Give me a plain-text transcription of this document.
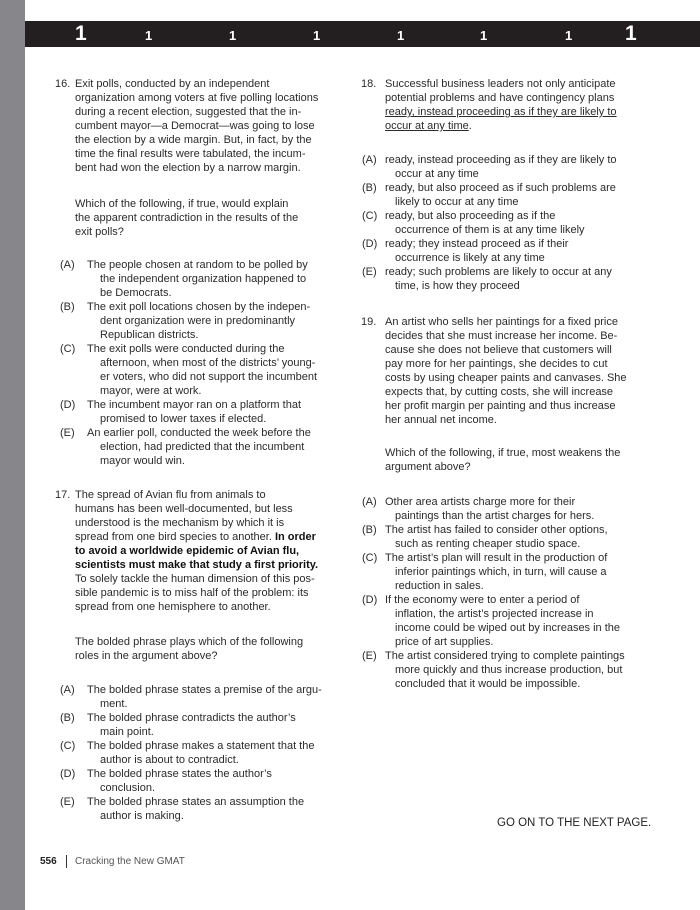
1	1	1	1	1	1	1	1
16. Exit polls, conducted by an independent
organization among voters at five polling locations
during a recent election, suggested that the in-
cumbent mayor—a Democrat—was going to lose
the election by a wide margin. But, in fact, by the
time the final results were tabulated, the incum-
bent had won the election by a narrow margin.
Which of the following, if true, would explain
the apparent contradiction in the results of the
exit polls?
(A) The people chosen at random to be polled by
the independent organization happened to
be Democrats.
(B) The exit poll locations chosen by the indepen-
dent organization were in predominantly
Republican districts.
(C) The exit polls were conducted during the
afternoon, when most of the districts’ young-
er voters, who did not support the incumbent
mayor, were at work.
(D) The incumbent mayor ran on a platform that
promised to lower taxes if elected.
(E) An earlier poll, conducted the week before the
election, had predicted that the incumbent
mayor would win.
17. The spread of Avian flu from animals to
humans has been well-documented, but less
understood is the mechanism by which it is
spread from one bird species to another. In order
to avoid a worldwide epidemic of Avian flu,
scientists must make that study a first priority.
To solely tackle the human dimension of this pos-
sible pandemic is to miss half of the problem: its
spread from one hemisphere to another.
The bolded phrase plays which of the following
roles in the argument above?
(A) The bolded phrase states a premise of the argu-
ment.
(B) The bolded phrase contradicts the author’s
main point.
(C) The bolded phrase makes a statement that the
author is about to contradict.
(D) The bolded phrase states the author’s
conclusion.
(E) The bolded phrase states an assumption the
author is making.
18. Successful business leaders not only anticipate
potential problems and have contingency plans
ready, instead proceeding as if they are likely to
occur at any time.
(A) ready, instead proceeding as if they are likely to
occur at any time
(B) ready, but also proceed as if such problems are
likely to occur at any time
(C) ready, but also proceeding as if the
occurrence of them is at any time likely
(D) ready; they instead proceed as if their
occurrence is likely at any time
(E) ready; such problems are likely to occur at any
time, is how they proceed
19. An artist who sells her paintings for a fixed price
decides that she must increase her income. Be-
cause she does not believe that customers will
pay more for her paintings, she decides to cut
costs by using cheaper paints and canvases. She
expects that, by cutting costs, she will increase
her profit margin per painting and thus increase
her annual net income.
Which of the following, if true, most weakens the
argument above?
(A) Other area artists charge more for their
paintings than the artist charges for hers.
(B) The artist has failed to consider other options,
such as renting cheaper studio space.
(C) The artist’s plan will result in the production of
inferior paintings which, in turn, will cause a
reduction in sales.
(D) If the economy were to enter a period of
inflation, the artist’s projected increase in
income could be wiped out by increases in the
price of art supplies.
(E) The artist considered trying to complete paintings
more quickly and thus increase production, but
concluded that it would be impossible.
GO ON TO THE NEXT PAGE.
556 Cracking the New GMAT
